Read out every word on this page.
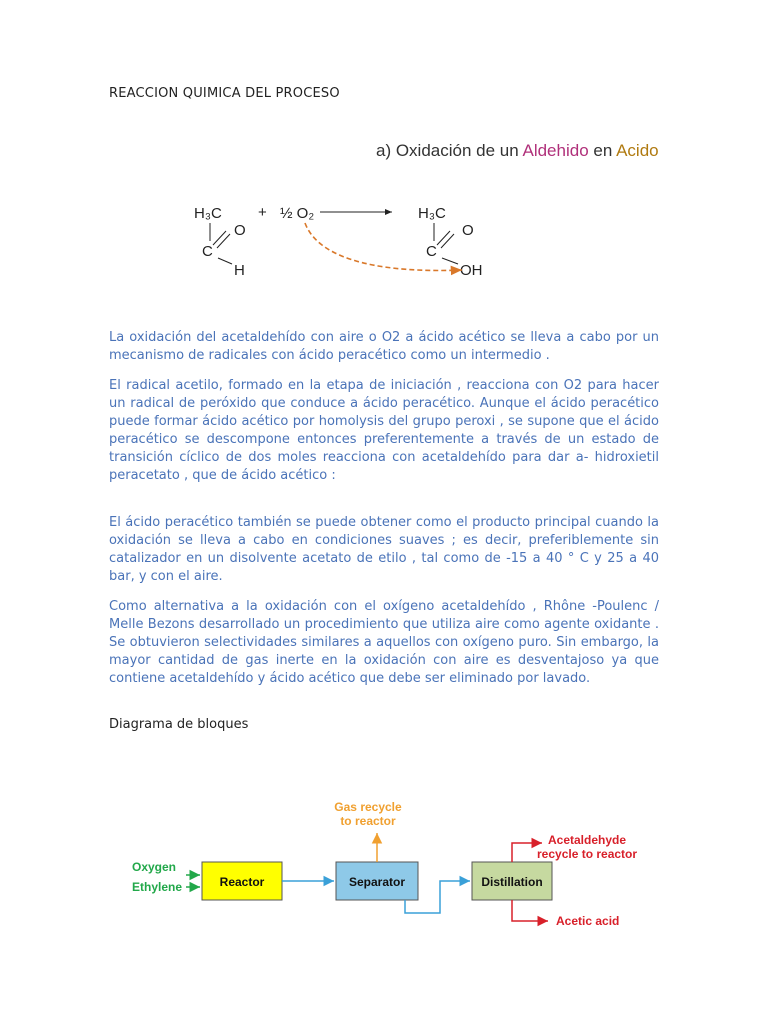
REACCION QUIMICA DEL PROCESO
a) Oxidación de un Aldehido en Acido
H₃C
C
O
H
+ ½ O₂	H₃C
C
O
OH
La oxidación del acetaldehído con aire o O2 a ácido acético se lleva a cabo por un mecanismo de radicales con ácido peracético como un intermedio .
El radical acetilo, formado en la etapa de iniciación , reacciona con O2 para hacer un radical de peróxido que conduce a ácido peracético. Aunque el ácido peracético puede formar ácido acético por homolysis del grupo peroxi , se supone que el ácido peracético se descompone entonces preferentemente a través de un estado de transición cíclico de dos moles reacciona con acetaldehído para dar a- hidroxietil peracetato , que de ácido acético :
El ácido peracético también se puede obtener como el producto principal cuando la oxidación se lleva a cabo en condiciones suaves ; es decir, preferiblemente sin catalizador en un disolvente acetato de etilo , tal como de -15 a 40 ° C y 25 a 40 bar, y con el aire.
Como alternativa a la oxidación con el oxígeno acetaldehído , Rhône -Poulenc / Melle Bezons desarrollado un procedimiento que utiliza aire como agente oxidante . Se obtuvieron selectividades similares a aquellos con oxígeno puro. Sin embargo, la mayor cantidad de gas inerte en la oxidación con aire es desventajoso ya que contiene acetaldehído y ácido acético que debe ser eliminado por lavado.
Diagrama de bloques
Oxygen
Ethylene	Reactor	Separator
Gas recycle
to reactor
Distillation
Acetaldehyde
recycle to reactor
Acetic acid
